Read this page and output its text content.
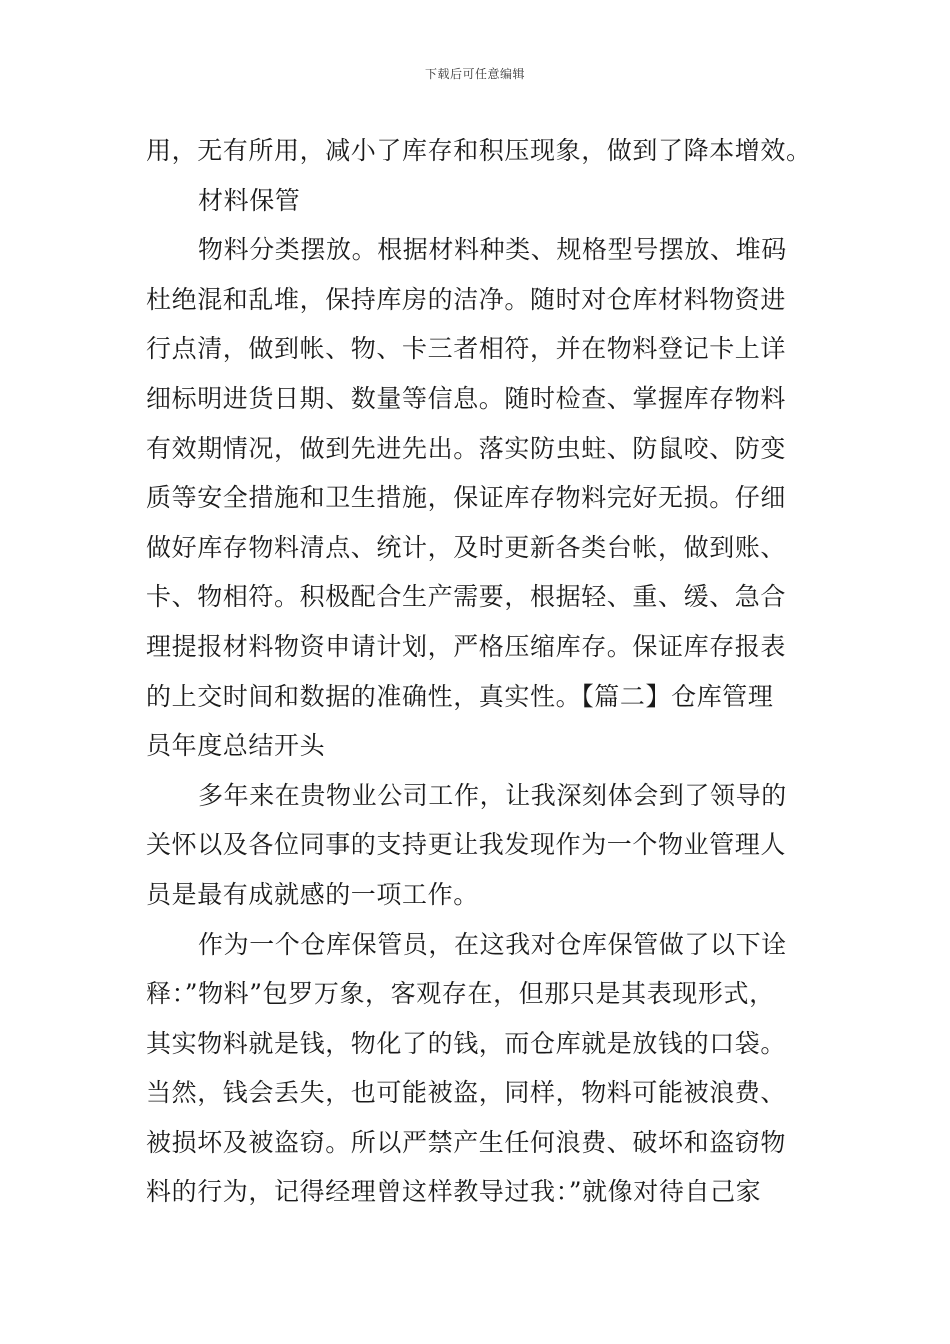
下载后可任意编辑
用，无有所用，减小了库存和积压现象，做到了降本增效。
材料保管
物料分类摆放。根据材料种类、规格型号摆放、堆码
杜绝混和乱堆，保持库房的洁净。随时对仓库材料物资进
行点清，做到帐、物、卡三者相符，并在物料登记卡上详
细标明进货日期、数量等信息。随时检查、掌握库存物料
有效期情况，做到先进先出。落实防虫蛀、防鼠咬、防变
质等安全措施和卫生措施，保证库存物料完好无损。仔细
做好库存物料清点、统计，及时更新各类台帐，做到账、
卡、物相符。积极配合生产需要，根据轻、重、缓、急合
理提报材料物资申请计划，严格压缩库存。保证库存报表
的上交时间和数据的准确性，真实性。【篇二】仓库管理
员年度总结开头
多年来在贵物业公司工作，让我深刻体会到了领导的
关怀以及各位同事的支持更让我发现作为一个物业管理人
员是最有成就感的一项工作。
作为一个仓库保管员，在这我对仓库保管做了以下诠
释：”物料”包罗万象，客观存在，但那只是其表现形式，
其实物料就是钱，物化了的钱，而仓库就是放钱的口袋。
当然，钱会丢失，也可能被盗，同样，物料可能被浪费、
被损坏及被盗窃。所以严禁产生任何浪费、破坏和盗窃物
料的行为，记得经理曾这样教导过我：”就像对待自己家
